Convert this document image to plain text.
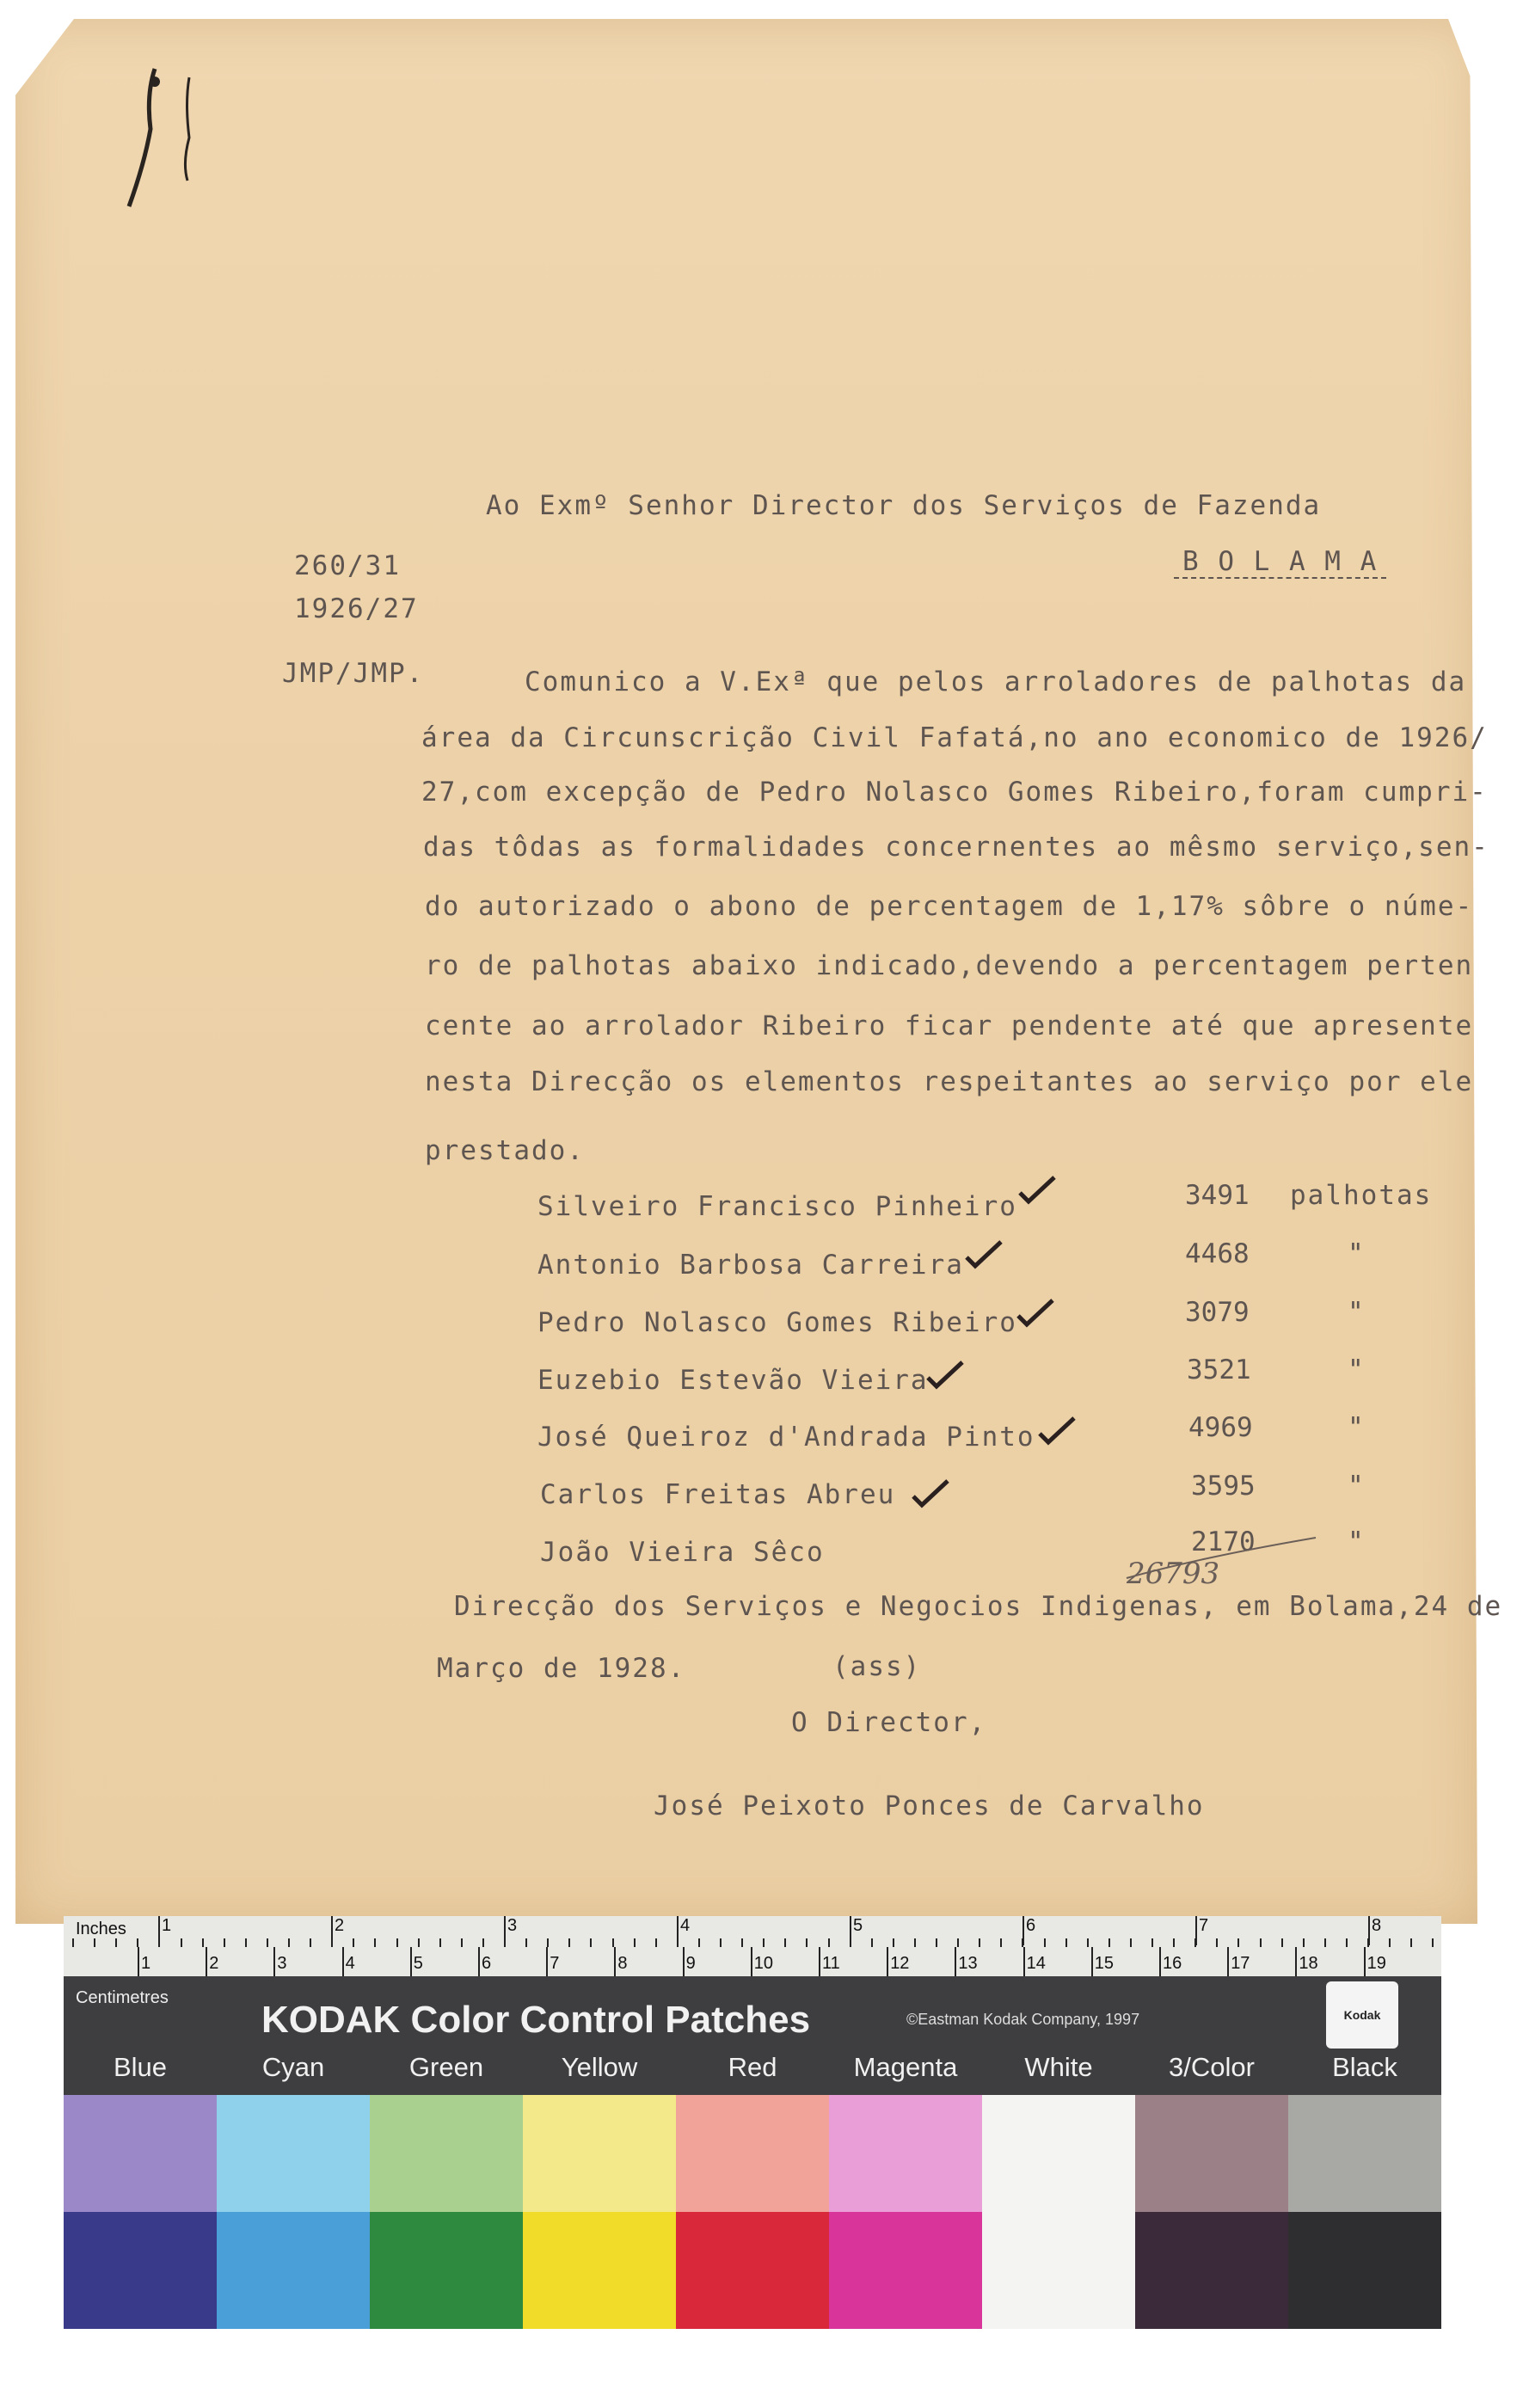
Ao Exmº Senhor Director dos Serviços de Fazenda
B O L A M A
260/31
1926/27
JMP/JMP.	Comunico a V.Exª que pelos arroladores de palhotas da
área da Circunscrição Civil Fafatá,no ano economico de 1926/
27,com excepção de Pedro Nolasco Gomes Ribeiro,foram cumpri-
das tôdas as formalidades concernentes ao mêsmo serviço,sen-
do autorizado o abono de percentagem de 1,17% sôbre o núme-
ro de palhotas abaixo indicado,devendo a percentagem perten
cente ao arrolador Ribeiro ficar pendente até que apresente
nesta Direcção os elementos respeitantes ao serviço por ele
prestado.
Silveiro Francisco Pinheiro	3491 palhotas
Antonio Barbosa Carreira	4468	"
Pedro Nolasco Gomes Ribeiro	3079	"
Euzebio Estevão Vieira	3521	"
José Queiroz d'Andrada Pinto	4969	"
Carlos Freitas Abreu	3595	"
João Vieira Sêco	2170	"
26793
Direcção dos Serviços e Negocios Indigenas, em Bolama,24 de
Março de 1928.	(ass)
O Director,
José Peixoto Ponces de Carvalho
Inches
Centimetres
1	2	3	4	5	6	7	8
1	2	3	4	5	6	7	8	9	10	11	12	13	14	15	16	17	18	19
KODAK Color Control Patches	©Eastman Kodak Company, 1997	Kodak
Blue	Cyan	Green	Yellow	Red	Magenta	White	3/Color	Black
